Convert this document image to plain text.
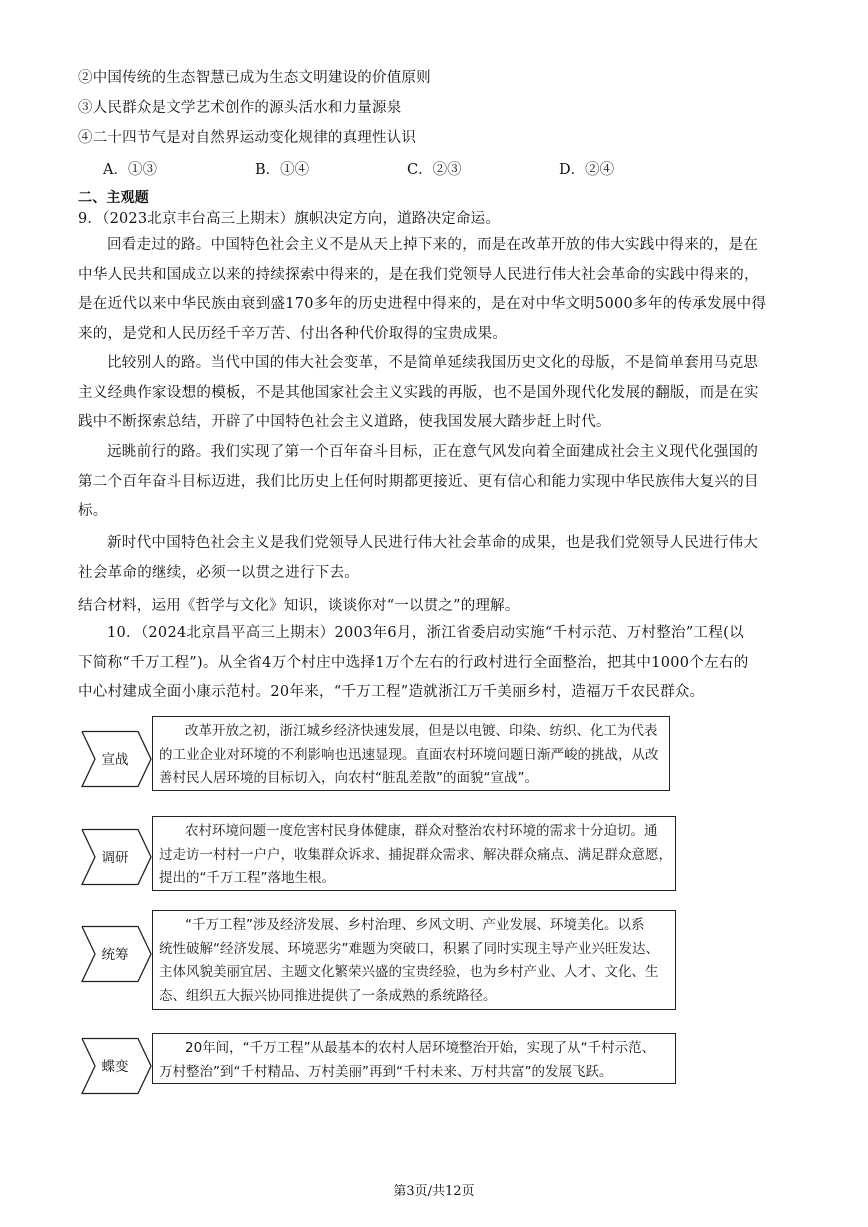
②中国传统的生态智慧已成为生态文明建设的价值原则
③人民群众是文学艺术创作的源头活水和力量源泉
④二十四节气是对自然界运动变化规律的真理性认识
A．①③	B．①④	C．②③	D．②④
二、主观题
9．（2023北京丰台高三上期末）旗帜决定方向，道路决定命运。
回看走过的路。中国特色社会主义不是从天上掉下来的，而是在改革开放的伟大实践中得来的，是在
中华人民共和国成立以来的持续探索中得来的，是在我们党领导人民进行伟大社会革命的实践中得来的，
是在近代以来中华民族由衰到盛170多年的历史进程中得来的，是在对中华文明5000多年的传承发展中得
来的，是党和人民历经千辛万苦、付出各种代价取得的宝贵成果。
比较别人的路。当代中国的伟大社会变革，不是简单延续我国历史文化的母版，不是简单套用马克思
主义经典作家设想的模板，不是其他国家社会主义实践的再版，也不是国外现代化发展的翻版，而是在实
践中不断探索总结，开辟了中国特色社会主义道路，使我国发展大踏步赶上时代。
远眺前行的路。我们实现了第一个百年奋斗目标，正在意气风发向着全面建成社会主义现代化强国的
第二个百年奋斗目标迈进，我们比历史上任何时期都更接近、更有信心和能力实现中华民族伟大复兴的目
标。
新时代中国特色社会主义是我们党领导人民进行伟大社会革命的成果，也是我们党领导人民进行伟大
社会革命的继续，必须一以贯之进行下去。
结合材料，运用《哲学与文化》知识，谈谈你对“一以贯之”的理解。
10．（2024北京昌平高三上期末）2003年6月，浙江省委启动实施“千村示范、万村整治”工程(以
下简称“千万工程”)。从全省4万个村庄中选择1万个左右的行政村进行全面整治，把其中1000个左右的
中心村建成全面小康示范村。20年来，“千万工程”造就浙江万千美丽乡村，造福万千农民群众。
宣战
改革开放之初，浙江城乡经济快速发展，但是以电镀、印染、纺织、化工为代表
的工业企业对环境的不利影响也迅速显现。直面农村环境问题日渐严峻的挑战，从改
善村民人居环境的目标切入，向农村“脏乱差散”的面貌“宣战”。
调研
农村环境问题一度危害村民身体健康，群众对整治农村环境的需求十分迫切。通
过走访一村村一户户，收集群众诉求、捕捉群众需求、解决群众痛点、满足群众意愿，
提出的“千万工程”落地生根。
统筹
“千万工程”涉及经济发展、乡村治理、乡风文明、产业发展、环境美化。以系
统性破解“经济发展、环境恶劣”难题为突破口，积累了同时实现主导产业兴旺发达、
主体风貌美丽宜居、主题文化繁荣兴盛的宝贵经验，也为乡村产业、人才、文化、生
态、组织五大振兴协同推进提供了一条成熟的系统路径。
蝶变
20年间，“千万工程”从最基本的农村人居环境整治开始，实现了从“千村示范、
万村整治”到“千村精品、万村美丽”再到“千村未来、万村共富”的发展飞跃。
第3页/共12页
